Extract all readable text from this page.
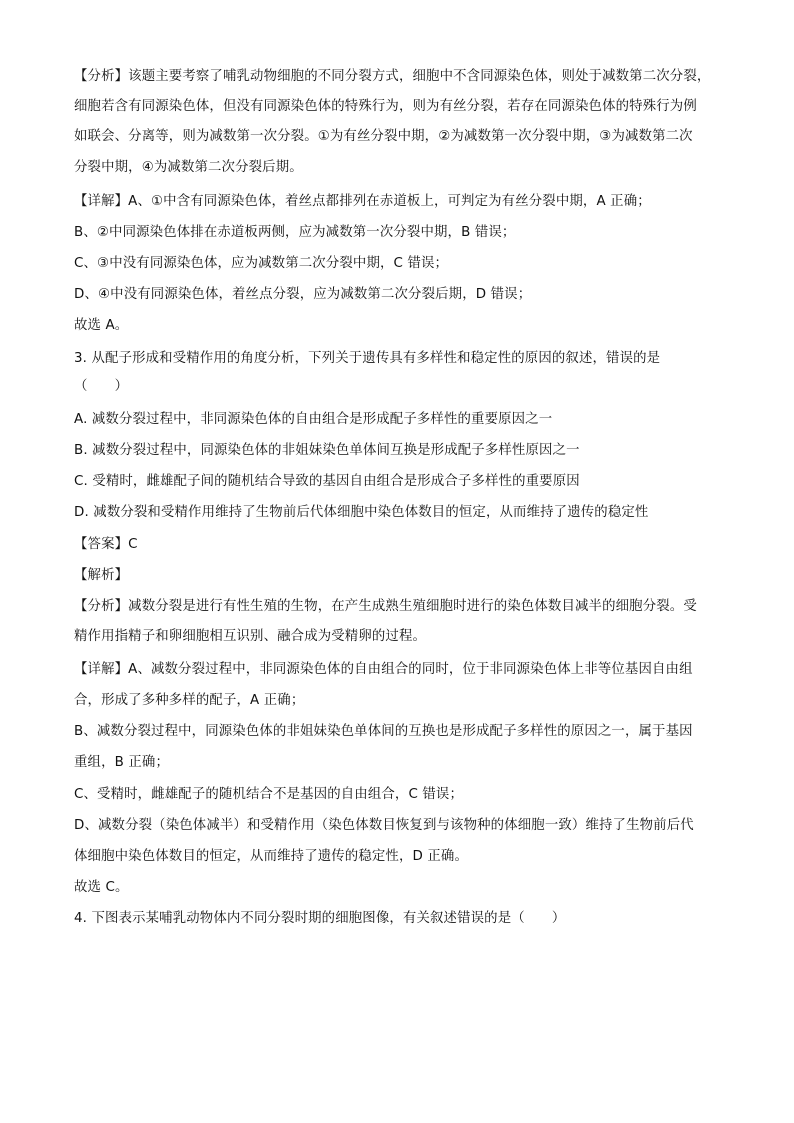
【分析】该题主要考察了哺乳动物细胞的不同分裂方式，细胞中不含同源染色体，则处于减数第二次分裂，
细胞若含有同源染色体，但没有同源染色体的特殊行为，则为有丝分裂，若存在同源染色体的特殊行为例
如联会、分离等，则为减数第一次分裂。①为有丝分裂中期，②为减数第一次分裂中期，③为减数第二次
分裂中期，④为减数第二次分裂后期。
【详解】A、①中含有同源染色体，着丝点都排列在赤道板上，可判定为有丝分裂中期，A 正确；
B、②中同源染色体排在赤道板两侧，应为减数第一次分裂中期，B 错误；
C、③中没有同源染色体，应为减数第二次分裂中期，C 错误；
D、④中没有同源染色体，着丝点分裂，应为减数第二次分裂后期，D 错误；
故选 A。
3. 从配子形成和受精作用的角度分析，下列关于遗传具有多样性和稳定性的原因的叙述，错误的是
（　　）
A. 减数分裂过程中，非同源染色体的自由组合是形成配子多样性的重要原因之一
B. 减数分裂过程中，同源染色体的非姐妹染色单体间互换是形成配子多样性原因之一
C. 受精时，雌雄配子间的随机结合导致的基因自由组合是形成合子多样性的重要原因
D. 减数分裂和受精作用维持了生物前后代体细胞中染色体数目的恒定，从而维持了遗传的稳定性
【答案】C
【解析】
【分析】减数分裂是进行有性生殖的生物，在产生成熟生殖细胞时进行的染色体数目减半的细胞分裂。受
精作用指精子和卵细胞相互识别、融合成为受精卵的过程。
【详解】A、减数分裂过程中，非同源染色体的自由组合的同时，位于非同源染色体上非等位基因自由组
合，形成了多种多样的配子，A 正确；
B、减数分裂过程中，同源染色体的非姐妹染色单体间的互换也是形成配子多样性的原因之一，属于基因
重组，B 正确；
C、受精时，雌雄配子的随机结合不是基因的自由组合，C 错误；
D、减数分裂（染色体减半）和受精作用（染色体数目恢复到与该物种的体细胞一致）维持了生物前后代
体细胞中染色体数目的恒定，从而维持了遗传的稳定性，D 正确。
故选 C。
4. 下图表示某哺乳动物体内不同分裂时期的细胞图像，有关叙述错误的是（　　）
